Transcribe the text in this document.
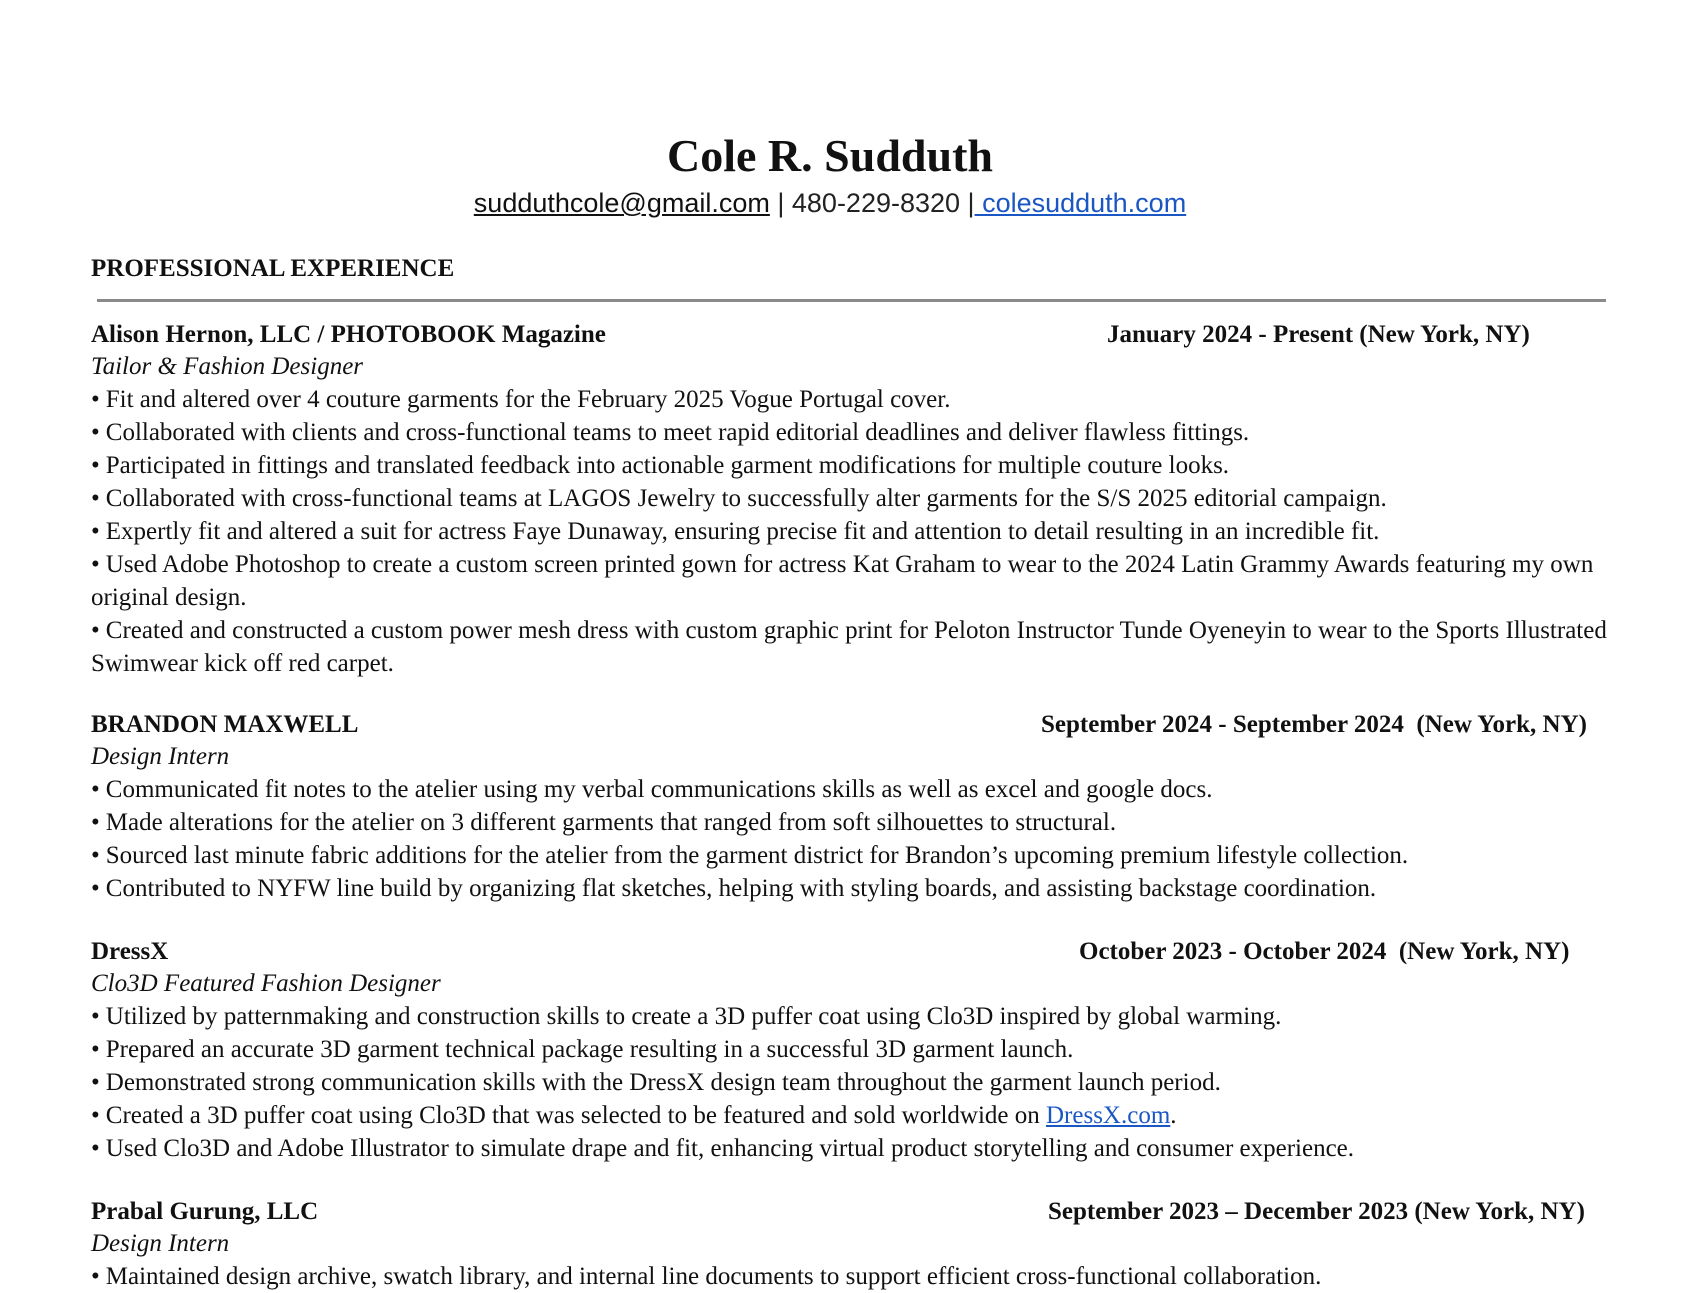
Cole R. Sudduth
sudduthcole@gmail.com | 480-229-8320 | colesudduth.com
PROFESSIONAL EXPERIENCE
Alison Hernon, LLC / PHOTOBOOK Magazine	January 2024 - Present (New York, NY)

Tailor & Fashion Designer

• Fit and altered over 4 couture garments for the February 2025 Vogue Portugal cover.
• Collaborated with clients and cross-functional teams to meet rapid editorial deadlines and deliver flawless fittings.
• Participated in fittings and translated feedback into actionable garment modifications for multiple couture looks.
• Collaborated with cross-functional teams at LAGOS Jewelry to successfully alter garments for the S/S 2025 editorial campaign.
• Expertly fit and altered a suit for actress Faye Dunaway, ensuring precise fit and attention to detail resulting in an incredible fit.
• Used Adobe Photoshop to create a custom screen printed gown for actress Kat Graham to wear to the 2024 Latin Grammy Awards featuring my own original design.
• Created and constructed a custom power mesh dress with custom graphic print for Peloton Instructor Tunde Oyeneyin to wear to the Sports Illustrated Swimwear kick off red carpet.
BRANDON MAXWELL	September 2024 - September 2024  (New York, NY)

Design Intern

• Communicated fit notes to the atelier using my verbal communications skills as well as excel and google docs.
• Made alterations for the atelier on 3 different garments that ranged from soft silhouettes to structural.
• Sourced last minute fabric additions for the atelier from the garment district for Brandon’s upcoming premium lifestyle collection.
• Contributed to NYFW line build by organizing flat sketches, helping with styling boards, and assisting backstage coordination.
DressX	October 2023 - October 2024  (New York, NY)

Clo3D Featured Fashion Designer

• Utilized by patternmaking and construction skills to create a 3D puffer coat using Clo3D inspired by global warming.
• Prepared an accurate 3D garment technical package resulting in a successful 3D garment launch.
• Demonstrated strong communication skills with the DressX design team throughout the garment launch period.
• Created a 3D puffer coat using Clo3D that was selected to be featured and sold worldwide on DressX.com.
• Used Clo3D and Adobe Illustrator to simulate drape and fit, enhancing virtual product storytelling and consumer experience.
Prabal Gurung, LLC	September 2023 – December 2023 (New York, NY)

Design Intern

• Maintained design archive, swatch library, and internal line documents to support efficient cross-functional collaboration.
